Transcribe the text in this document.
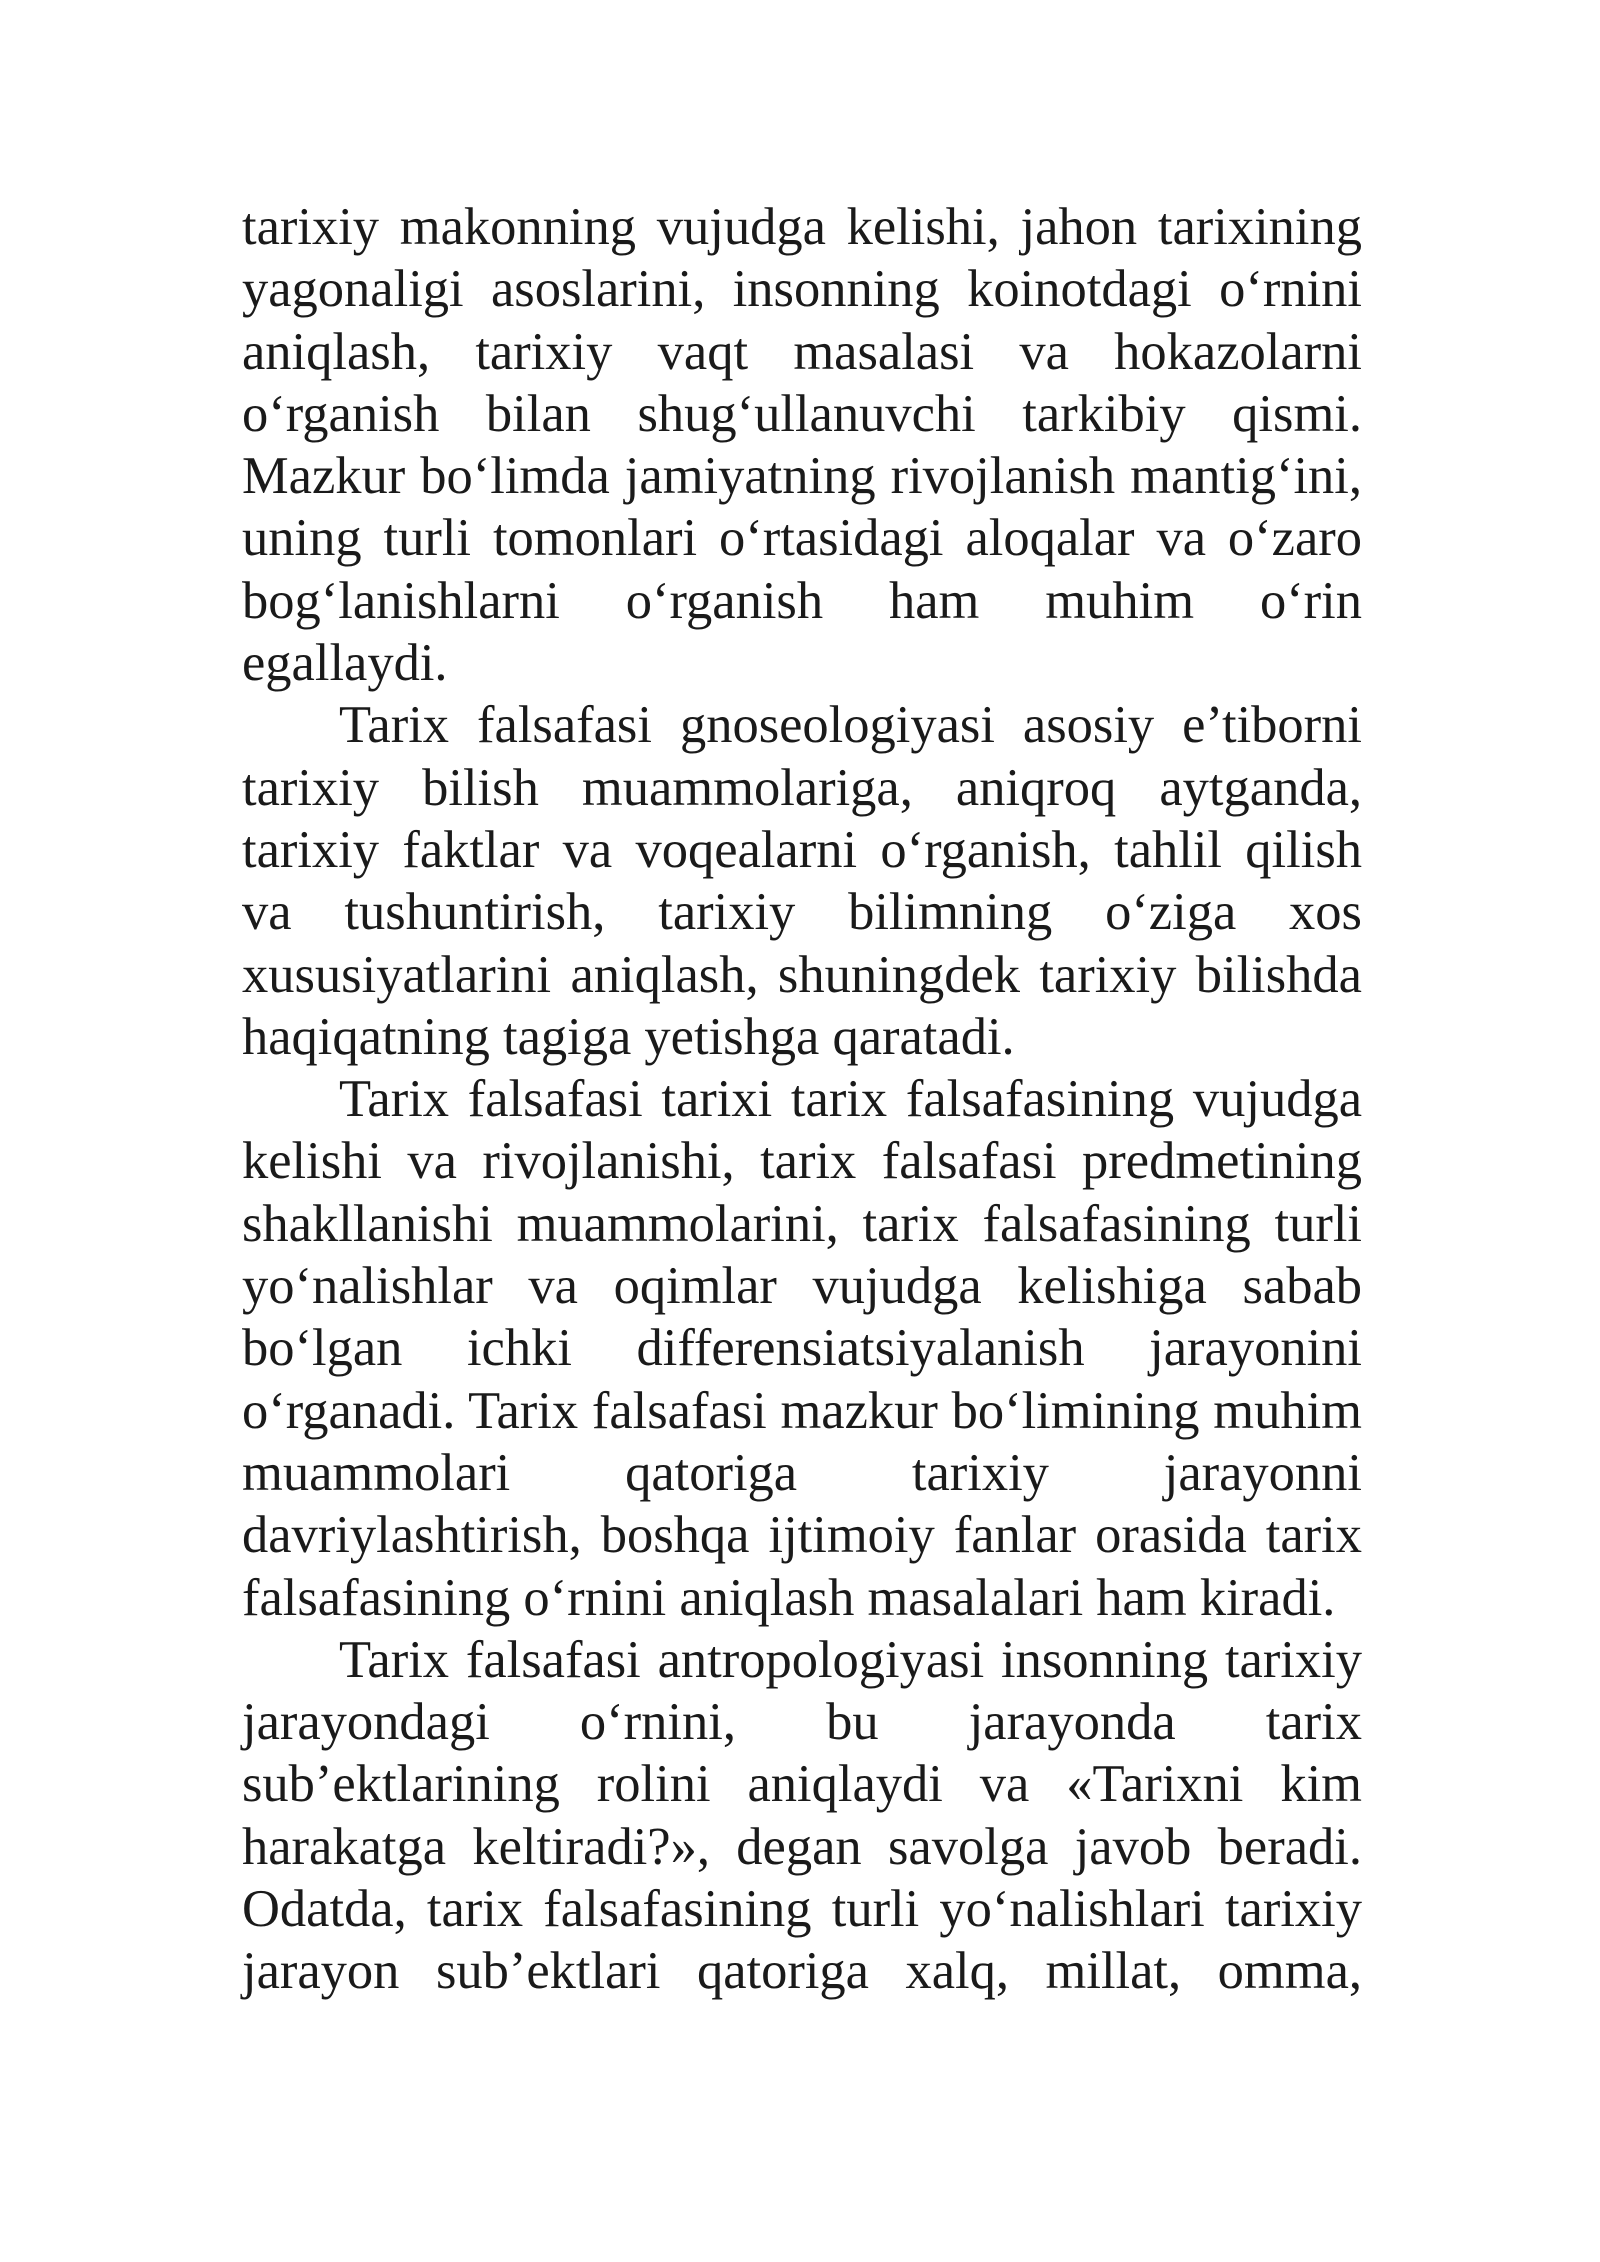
tarixiy makonning vujudga kelishi, jahon tarixining yagonaligi asoslarini, insonning koinotdagi o‘rnini aniqlash, tarixiy vaqt masalasi va hokazolarni o‘rganish bilan shug‘ullanuvchi tarkibiy qismi. Mazkur bo‘limda jamiyatning rivojlanish mantig‘ini, uning turli tomonlari o‘rtasidagi aloqalar va o‘zaro bog‘lanishlarni o‘rganish ham muhim o‘rin egallaydi.

Tarix falsafasi gnoseologiyasi asosiy e’tiborni tarixiy bilish muammolariga, aniqroq aytganda, tarixiy faktlar va voqealarni o‘rganish, tahlil qilish va tushuntirish, tarixiy bilimning o‘ziga xos xususiyatlarini aniqlash, shuningdek tarixiy bilishda haqiqatning tagiga yetishga qaratadi.

Tarix falsafasi tarixi tarix falsafasining vujudga kelishi va rivojlanishi, tarix falsafasi predmetining shakllanishi muammolarini, tarix falsafasining turli yo‘nalishlar va oqimlar vujudga kelishiga sabab bo‘lgan ichki differensiatsiyalanish jarayonini o‘rganadi. Tarix falsafasi mazkur bo‘limining muhim muammolari qatoriga tarixiy jarayonni davriylashtirish, boshqa ijtimoiy fanlar orasida tarix falsafasining o‘rnini aniqlash masalalari ham kiradi.

Tarix falsafasi antropologiyasi insonning tarixiy jarayondagi o‘rnini, bu jarayonda tarix sub’ektlarining rolini aniqlaydi va «Tarixni kim harakatga keltiradi?», degan savolga javob beradi. Odatda, tarix falsafasining turli yo‘nalishlari tarixiy jarayon sub’ektlari qatoriga xalq, millat, omma,
